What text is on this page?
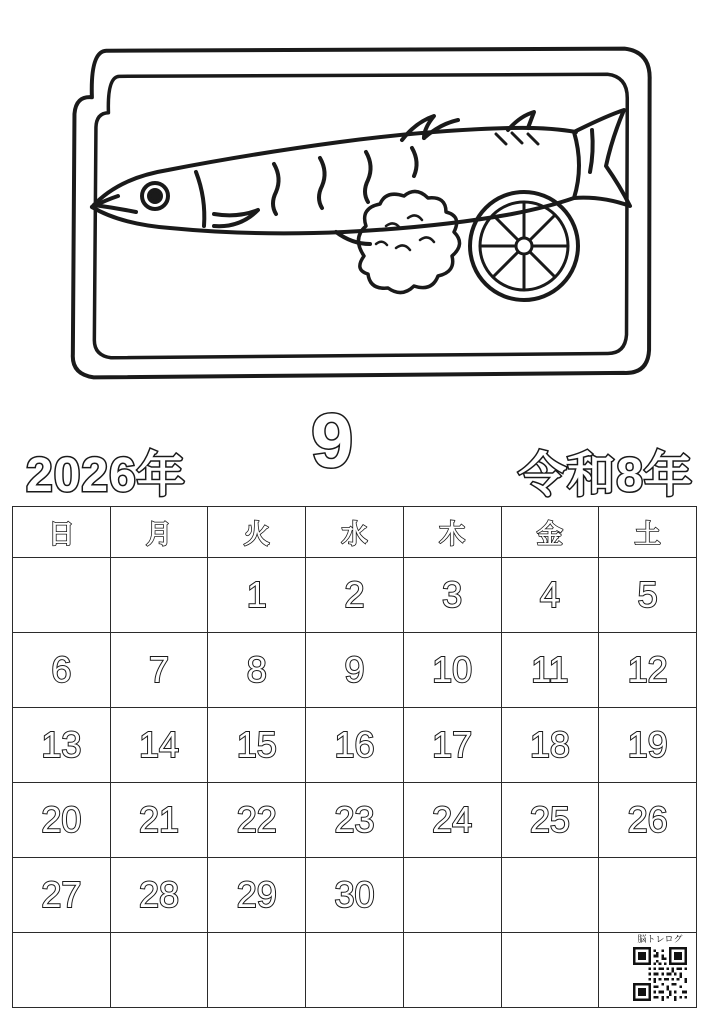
2026年 9	令和8年
日	月	火	水	木	金	土
		1	2	3	4	5
6	7	8	9	10	11	12
13	14	15	16	17	18	19
20	21	22	23	24	25	26
27	28	29	30			

脳トレログ
